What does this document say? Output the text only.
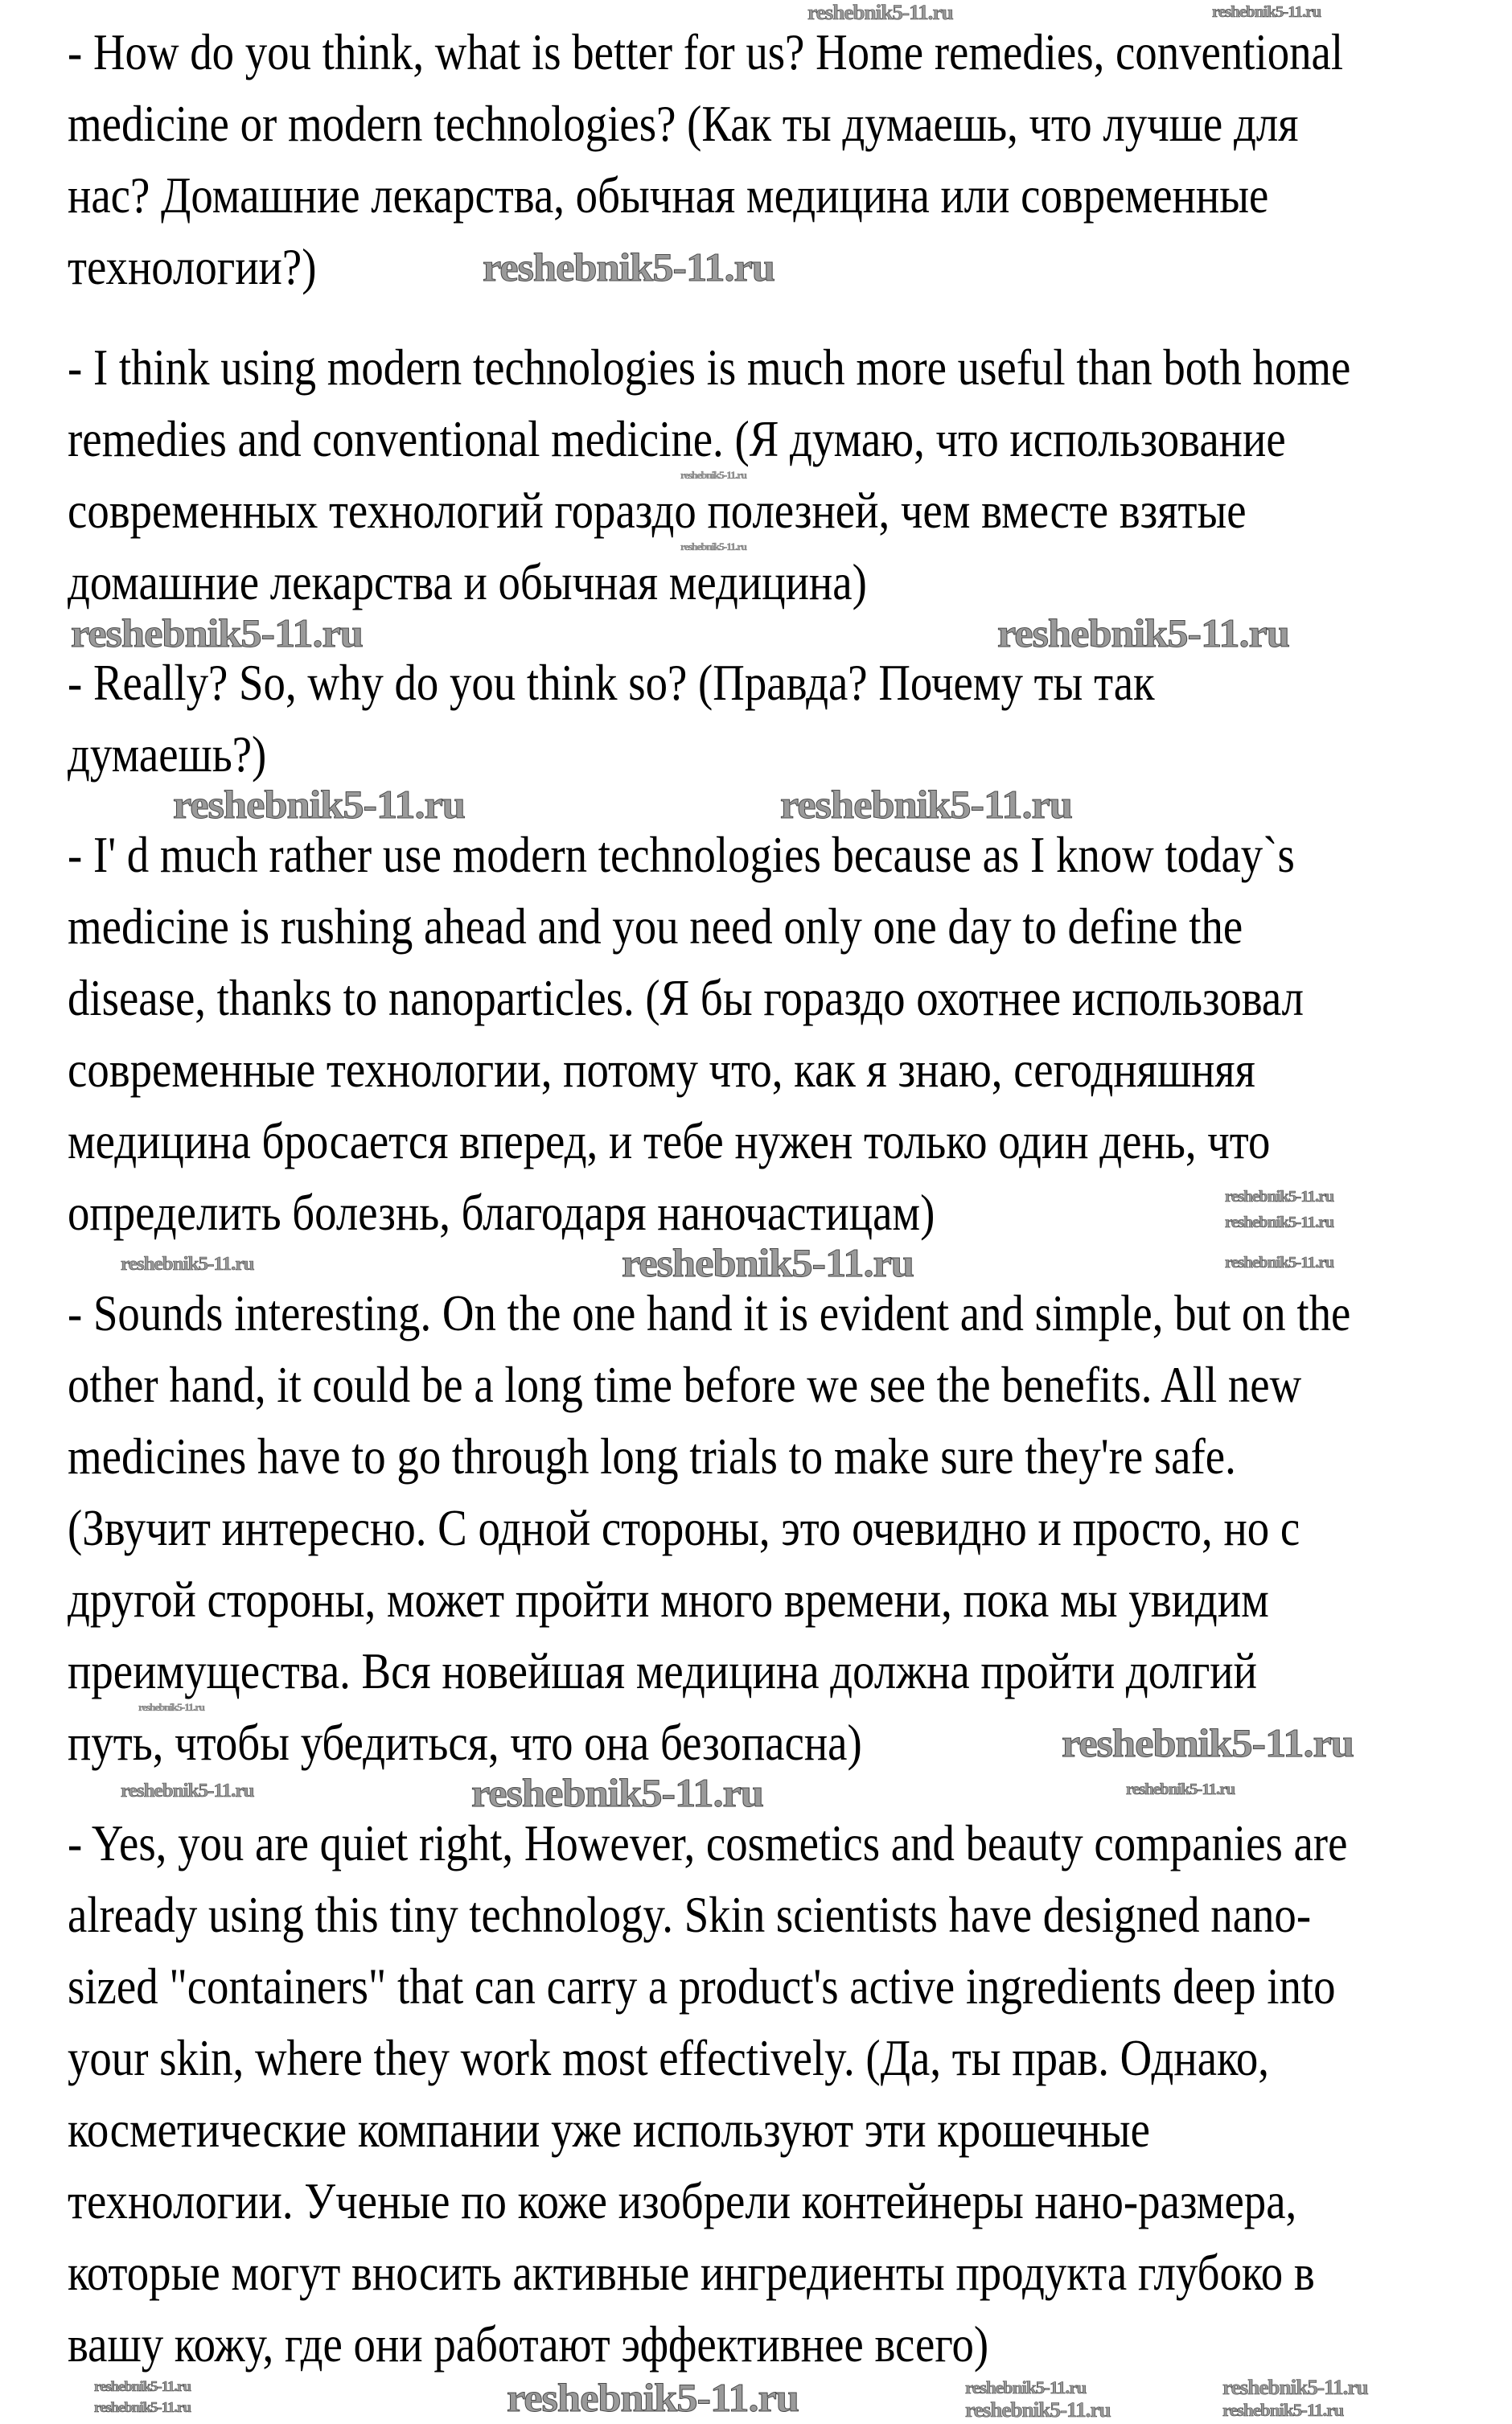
- How do you think, what is better for us? Home remedies, conventional
medicine or modern technologies? (Как ты думаешь, что лучше для
нас? Домашние лекарства, обычная медицина или современные
технологии?)
- I think using modern technologies is much more useful than both home
remedies and conventional medicine. (Я думаю, что использование
современных технологий гораздо полезней, чем вместе взятые
домашние лекарства и обычная медицина)
- Really? So, why do you think so? (Правда? Почему ты так
думаешь?)
- I' d much rather use modern technologies because as I know today`s
medicine is rushing ahead and you need only one day to define the
disease, thanks to nanoparticles. (Я бы гораздо охотнее использовал
современные технологии, потому что, как я знаю, сегодняшняя
медицина бросается вперед, и тебе нужен только один день, что
определить болезнь, благодаря наночастицам)
- Sounds interesting. On the one hand it is evident and simple, but on the
other hand, it could be a long time before we see the benefits. All new
medicines have to go through long trials to make sure they're safe.
(Звучит интересно. С одной стороны, это очевидно и просто, но с
другой стороны, может пройти много времени, пока мы увидим
преимущества. Вся новейшая медицина должна пройти долгий
путь, чтобы убедиться, что она безопасна)
- Yes, you are quiet right, However, cosmetics and beauty companies are
already using this tiny technology. Skin scientists have designed nano-
sized "containers" that can carry a product's active ingredients deep into
your skin, where they work most effectively. (Да, ты прав. Однако,
косметические компании уже используют эти крошечные
технологии. Ученые по коже изобрели контейнеры нано-размера,
которые могут вносить активные ингредиенты продукта глубоко в
вашу кожу, где они работают эффективнее всего)
reshebnik5-11.ru	reshebnik5-11.ru
reshebnik5-11.ru
reshebnik5-11.ru
reshebnik5-11.ru
reshebnik5-11.ru	reshebnik5-11.ru
reshebnik5-11.ru	reshebnik5-11.ru
reshebnik5-11.ru
reshebnik5-11.ru
reshebnik5-11.ru	reshebnik5-11.ru
reshebnik5-11.ru
reshebnik5-11.ru
reshebnik5-11.ru
reshebnik5-11.ru	reshebnik5-11.ru
reshebnik5-11.ru
reshebnik5-11.ru
reshebnik5-11.ru
reshebnik5-11.ru
reshebnik5-11.ru
reshebnik5-11.ru
reshebnik5-11.ru
reshebnik5-11.ru
